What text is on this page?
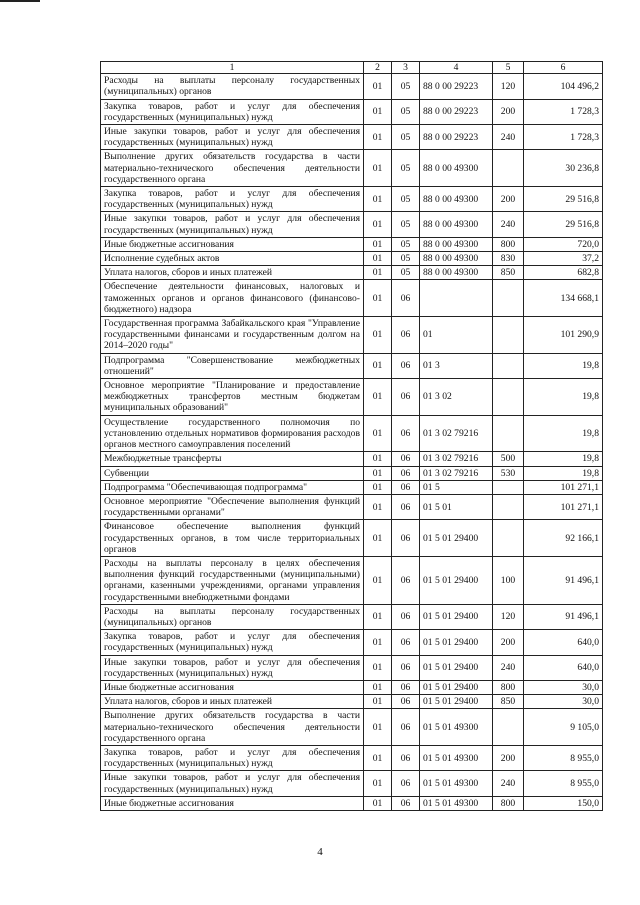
1	2	3	4	5	6
Расходы на выплаты персоналу государственных (муниципальных) органов	01	05	88 0 00 29223	120	104 496,2
Закупка товаров, работ и услуг для обеспечения государственных (муниципальных) нужд	01	05	88 0 00 29223	200	1 728,3
Иные закупки товаров, работ и услуг для обеспечения государственных (муниципальных) нужд	01	05	88 0 00 29223	240	1 728,3
Выполнение других обязательств государства в части материально-технического обеспечения деятельности государственного органа	01	05	88 0 00 49300		30 236,8
Закупка товаров, работ и услуг для обеспечения государственных (муниципальных) нужд	01	05	88 0 00 49300	200	29 516,8
Иные закупки товаров, работ и услуг для обеспечения государственных (муниципальных) нужд	01	05	88 0 00 49300	240	29 516,8
Иные бюджетные ассигнования	01	05	88 0 00 49300	800	720,0
Исполнение судебных актов	01	05	88 0 00 49300	830	37,2
Уплата налогов, сборов и иных платежей	01	05	88 0 00 49300	850	682,8
Обеспечение деятельности финансовых, налоговых и таможенных органов и органов финансового (финансово-бюджетного) надзора	01	06			134 668,1
Государственная программа Забайкальского края "Управление государственными финансами и государственным долгом на 2014–2020 годы"	01	06	01		101 290,9
Подпрограмма "Совершенствование межбюджетных отношений"	01	06	01 3		19,8
Основное мероприятие "Планирование и предоставление межбюджетных трансфертов местным бюджетам муниципальных образований"	01	06	01 3 02		19,8
Осуществление государственного полномочия по установлению отдельных нормативов формирования расходов органов местного самоуправления поселений	01	06	01 3 02 79216		19,8
Межбюджетные трансферты	01	06	01 3 02 79216	500	19,8
Субвенции	01	06	01 3 02 79216	530	19,8
Подпрограмма "Обеспечивающая подпрограмма"	01	06	01 5		101 271,1
Основное мероприятие "Обеспечение выполнения функций государственными органами"	01	06	01 5 01		101 271,1
Финансовое обеспечение выполнения функций государственных органов, в том числе территориальных органов	01	06	01 5 01 29400		92 166,1
Расходы на выплаты персоналу в целях обеспечения выполнения функций государственными (муниципальными) органами, казенными учреждениями, органами управления государственными внебюджетными фондами	01	06	01 5 01 29400	100	91 496,1
Расходы на выплаты персоналу государственных (муниципальных) органов	01	06	01 5 01 29400	120	91 496,1
Закупка товаров, работ и услуг для обеспечения государственных (муниципальных) нужд	01	06	01 5 01 29400	200	640,0
Иные закупки товаров, работ и услуг для обеспечения государственных (муниципальных) нужд	01	06	01 5 01 29400	240	640,0
Иные бюджетные ассигнования	01	06	01 5 01 29400	800	30,0
Уплата налогов, сборов и иных платежей	01	06	01 5 01 29400	850	30,0
Выполнение других обязательств государства в части материально-технического обеспечения деятельности государственного органа	01	06	01 5 01 49300		9 105,0
Закупка товаров, работ и услуг для обеспечения государственных (муниципальных) нужд	01	06	01 5 01 49300	200	8 955,0
Иные закупки товаров, работ и услуг для обеспечения государственных (муниципальных) нужд	01	06	01 5 01 49300	240	8 955,0
Иные бюджетные ассигнования	01	06	01 5 01 49300	800	150,0
4
